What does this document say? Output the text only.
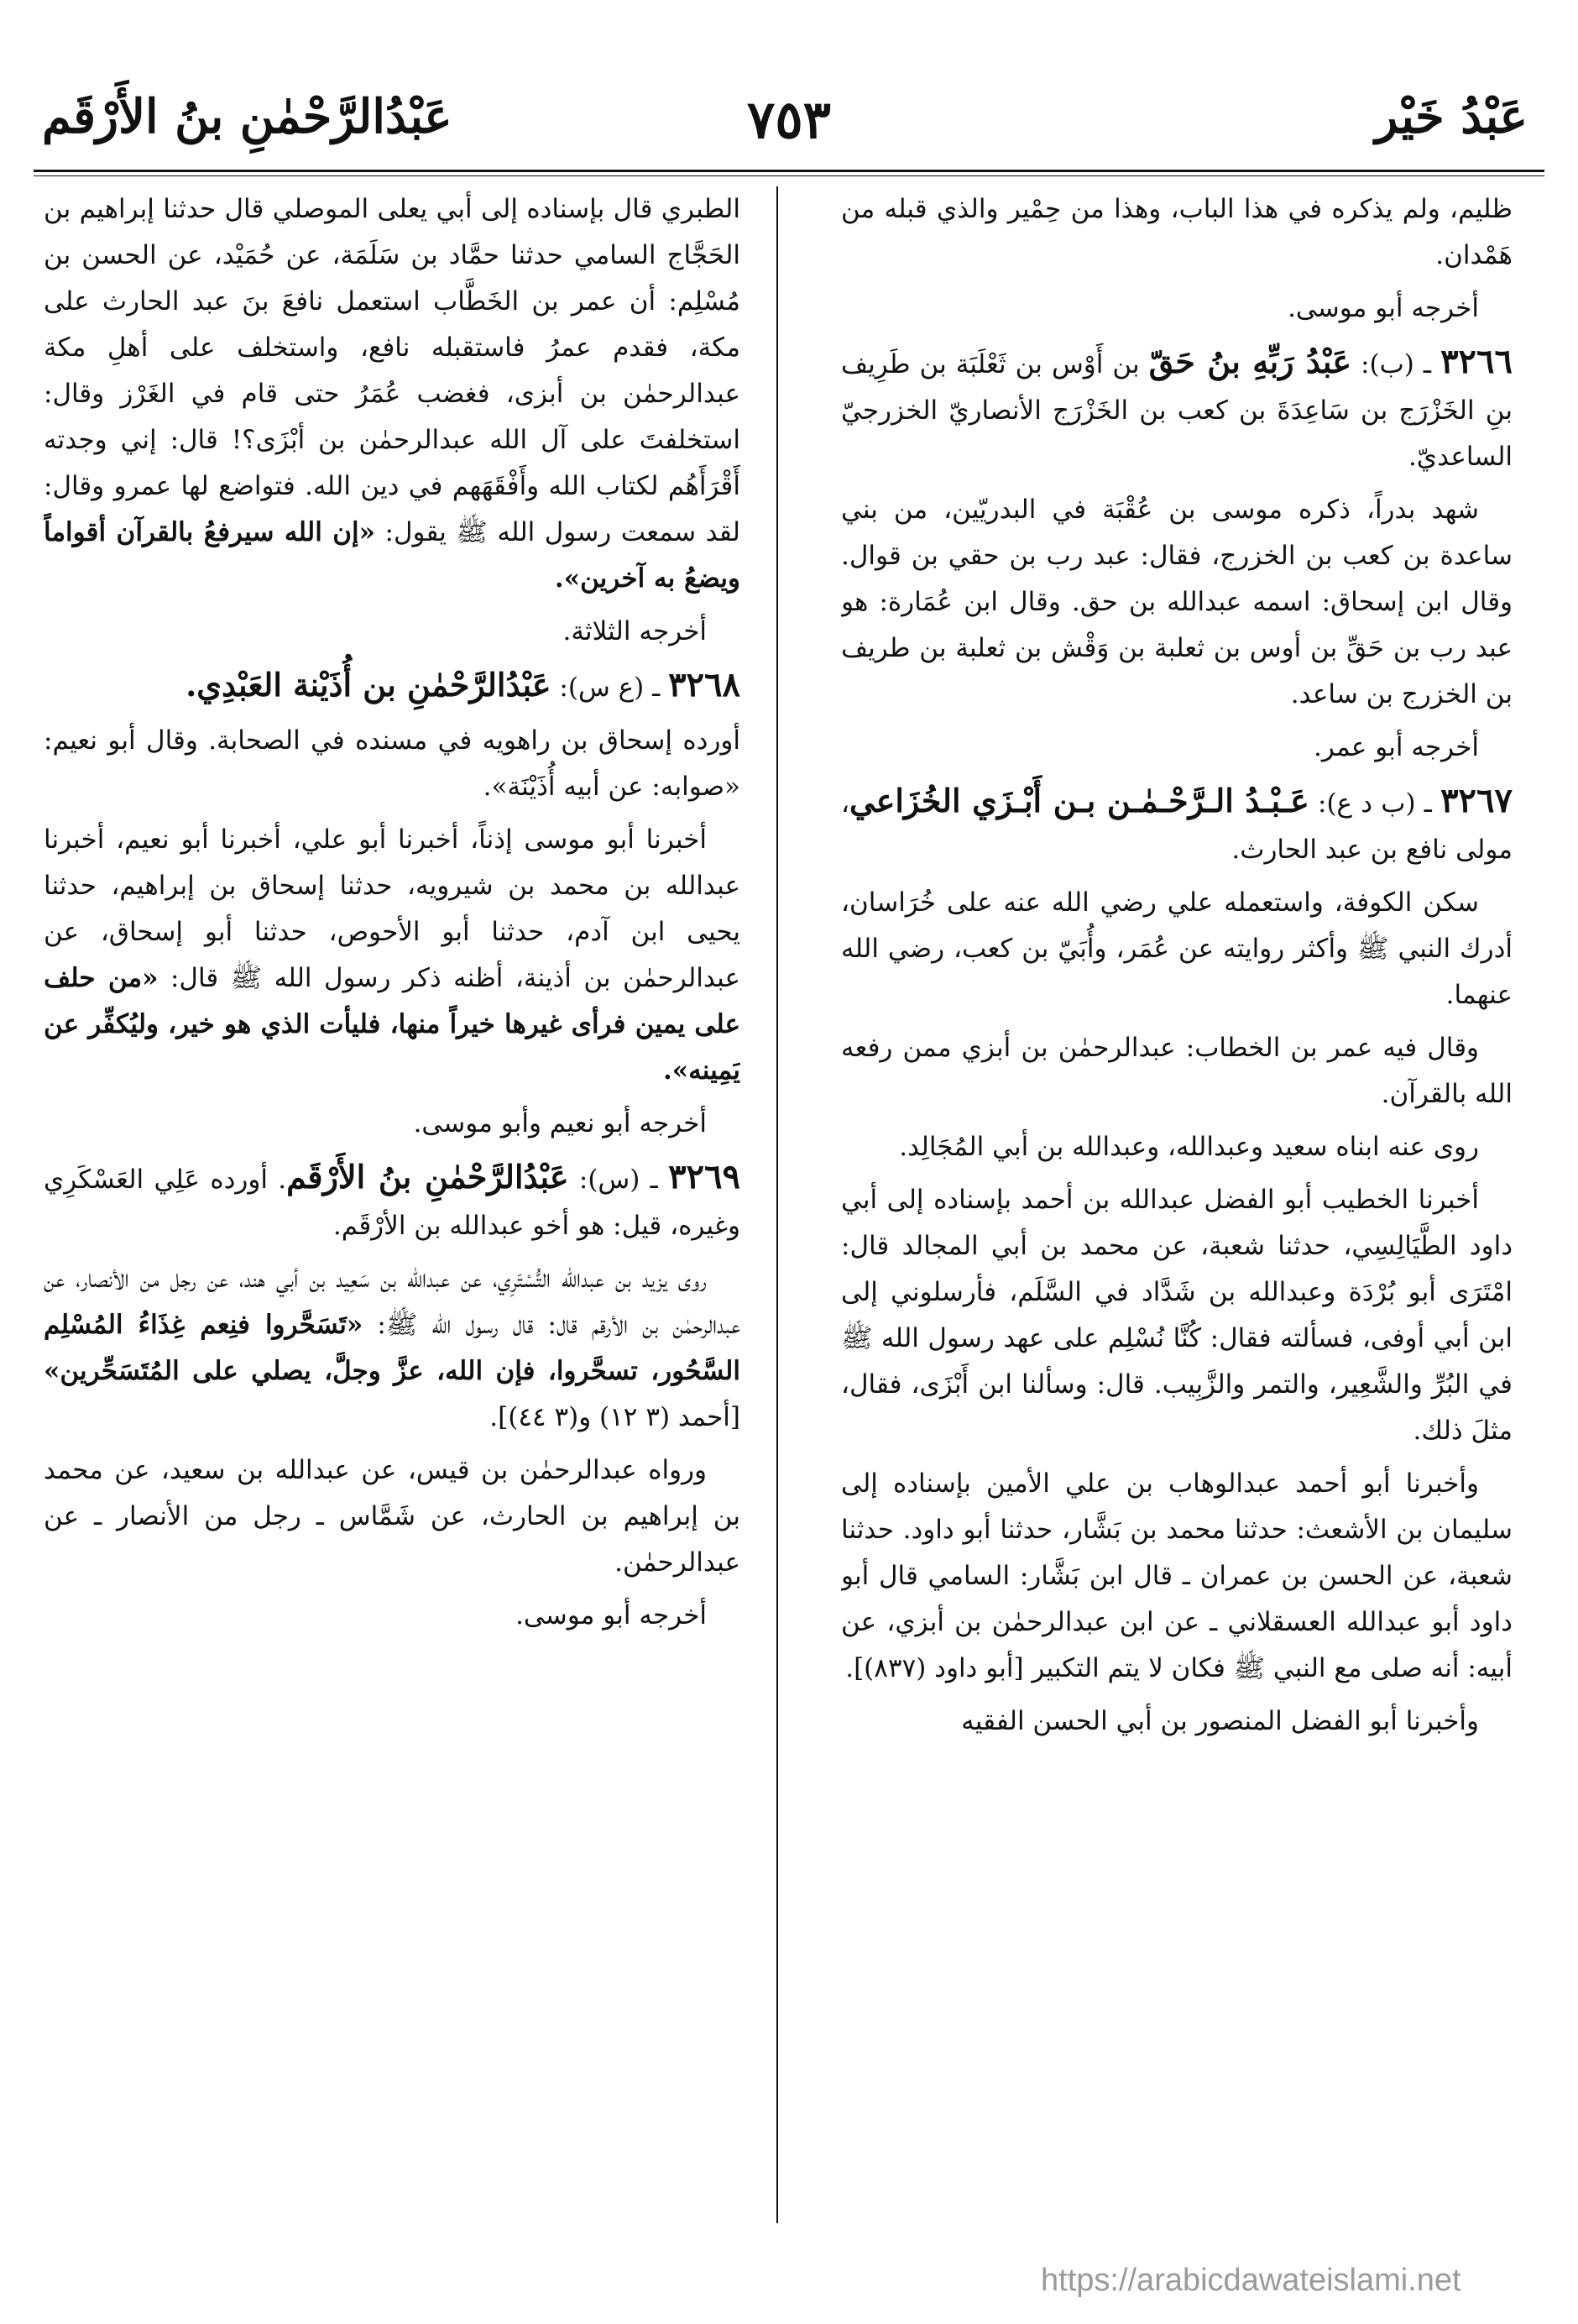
عَبْدُ خَيْر
٧٥٣
عَبْدُالرَّحْمٰنِ بنُ الأَرْقَم

ظليم، ولم يذكره في هذا الباب، وهذا من حِمْير والذي قبله من هَمْدان.

أخرجه أبو موسى.

٣٢٦٦ ـ (ب): عَبْدُ رَبِّهِ بنُ حَقّ بن أَوْس بن ثَعْلَبَة بن طَرِيف بنِ الخَزْرَج بن سَاعِدَةَ بن كعب بن الخَزْرَج الأنصاريّ الخزرجيّ الساعديّ.

شهد بدراً، ذكره موسى بن عُقْبَة في البدريّين، من بني ساعدة بن كعب بن الخزرج، فقال: عبد رب بن حقي بن قوال. وقال ابن إسحاق: اسمه عبدالله بن حق. وقال ابن عُمَارة: هو عبد رب بن حَقِّ بن أوس بن ثعلبة بن وَقْش بن ثعلبة بن طريف بن الخزرج بن ساعد.

أخرجه أبو عمر.

٣٢٦٧ ـ (ب د ع): عَـبْـدُ الـرَّحْـمٰـن بـن أَبْـزَي الخُزَاعي، مولى نافع بن عبد الحارث.

سكن الكوفة، واستعمله علي رضي الله عنه على خُرَاسان، أدرك النبي ﷺ وأكثر روايته عن عُمَر، وأُبَيّ بن كعب، رضي الله عنهما.

وقال فيه عمر بن الخطاب: عبدالرحمٰن بن أبزي ممن رفعه الله بالقرآن.

روى عنه ابناه سعيد وعبدالله، وعبدالله بن أبي المُجَالِد.

أخبرنا الخطيب أبو الفضل عبدالله بن أحمد بإسناده إلى أبي داود الطَّيَالِسِي، حدثنا شعبة، عن محمد بن أبي المجالد قال: امْتَرَى أبو بُرْدَة وعبدالله بن شَدَّاد في السَّلَم، فأرسلوني إلى ابن أبي أوفى، فسألته فقال: كُنَّا نُسْلِم على عهد رسول الله ﷺ في البُرِّ والشَّعِير، والتمر والزَّبِيب. قال: وسألنا ابن أَبْزَى، فقال، مثلَ ذلك.

وأخبرنا أبو أحمد عبدالوهاب بن علي الأمين بإسناده إلى سليمان بن الأشعث: حدثنا محمد بن بَشَّار، حدثنا أبو داود. حدثنا شعبة، عن الحسن بن عمران ـ قال ابن بَشَّار: السامي قال أبو داود أبو عبدالله العسقلاني ـ عن ابن عبدالرحمٰن بن أبزي، عن أبيه: أنه صلى مع النبي ﷺ فكان لا يتم التكبير [أبو داود (٨٣٧)].

وأخبرنا أبو الفضل المنصور بن أبي الحسن الفقيه

الطبري قال بإسناده إلى أبي يعلى الموصلي قال حدثنا إبراهيم بن الحَجَّاج السامي حدثنا حمَّاد بن سَلَمَة، عن حُمَيْد، عن الحسن بن مُسْلِم: أن عمر بن الخَطَّاب استعمل نافعَ بنَ عبد الحارث على مكة، فقدم عمرُ فاستقبله نافع، واستخلف على أهلِ مكة عبدالرحمٰن بن أبزى، فغضب عُمَرُ حتى قام في الغَرْز وقال: استخلفتَ على آل الله عبدالرحمٰن بن أبْزَى؟! قال: إني وجدته أَقْرَأَهُم لكتاب الله وأَفْقَهَهم في دين الله. فتواضع لها عمرو وقال: لقد سمعت رسول الله ﷺ يقول: «إن الله سيرفعُ بالقرآن أقواماً ويضعُ به آخرين».

أخرجه الثلاثة.

٣٢٦٨ ـ (ع س): عَبْدُالرَّحْمٰنِ بن أُذَيْنة العَبْدِي.

أورده إسحاق بن راهويه في مسنده في الصحابة. وقال أبو نعيم: «صوابه: عن أبيه أُذَيْنَة».

أخبرنا أبو موسى إذناً، أخبرنا أبو علي، أخبرنا أبو نعيم، أخبرنا عبدالله بن محمد بن شيرويه، حدثنا إسحاق بن إبراهيم، حدثنا يحيى ابن آدم، حدثنا أبو الأحوص، حدثنا أبو إسحاق، عن عبدالرحمٰن بن أذينة، أظنه ذكر رسول الله ﷺ قال: «من حلف على يمين فرأى غيرها خيراً منها، فليأت الذي هو خير، وليُكفِّر عن يَمِينه».

أخرجه أبو نعيم وأبو موسى.

٣٢٦٩ ـ (س): عَبْدُالرَّحْمٰنِ بنُ الأَرْقَم. أورده عَلِي العَسْكَرِي وغيره، قيل: هو أخو عبدالله بن الأرْقَم.

روى يزيد بن عبدالله التُّسْتَرِي، عن عبدالله بن سَعِيد بن أبي هند، عن رجل من الأنصار، عن عبدالرحمٰن بن الأرقم قال: قال رسول الله ﷺ: «تَسَحَّروا فنِعم غِذَاءُ المُسْلِم السَّحُور، تسحَّروا، فإن الله، عزَّ وجلَّ، يصلي على المُتَسَحِّرين» [أحمد (٣ ١٢) و(٣ ٤٤)].

ورواه عبدالرحمٰن بن قيس، عن عبدالله بن سعيد، عن محمد بن إبراهيم بن الحارث، عن شَمَّاس ـ رجل من الأنصار ـ عن عبدالرحمٰن.

أخرجه أبو موسى.

https://arabicdawateislami.net
